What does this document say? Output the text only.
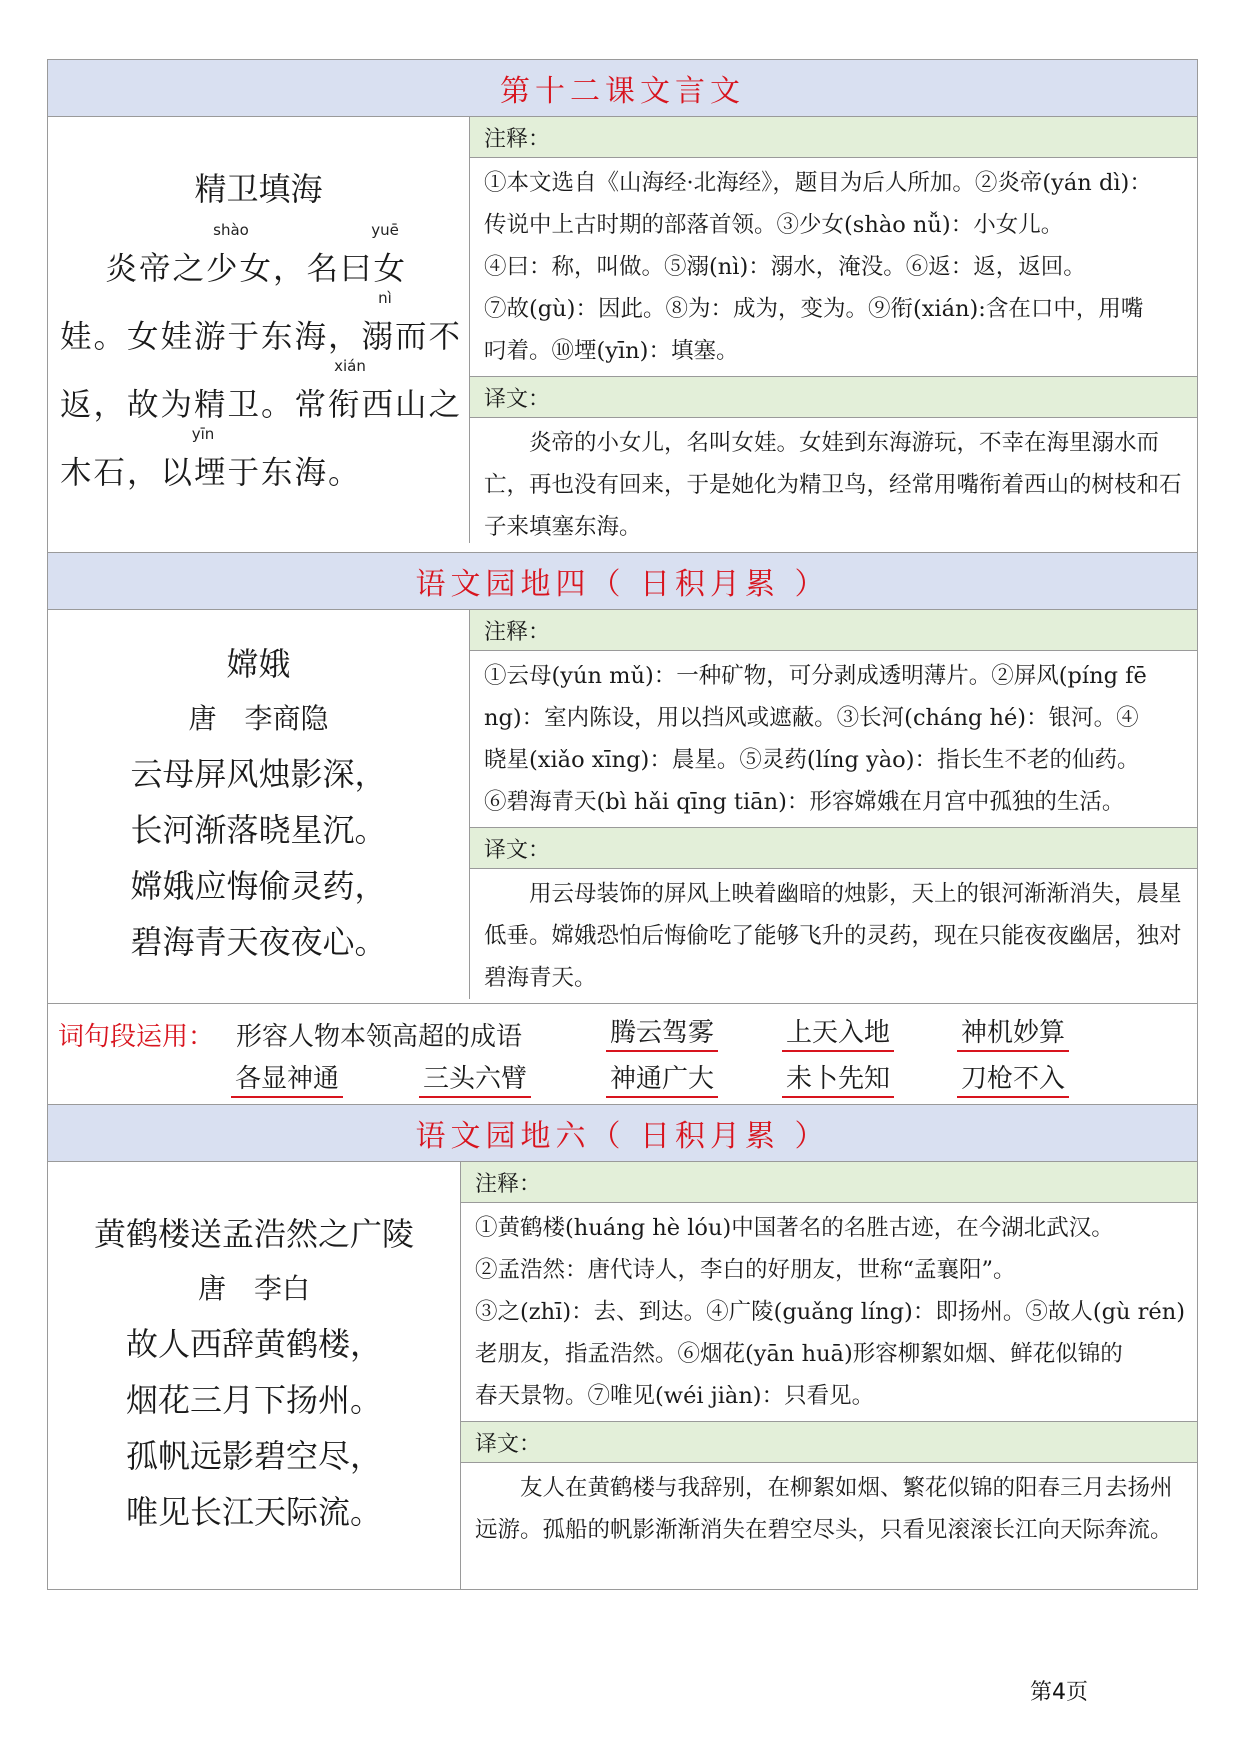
第十二课文言文
精卫填海
shào	yuē
　 炎帝之少女，名曰女
nì
娃。女娃游于东海，溺而不
xián
返，故为精卫。常衔西山之
yīn
木石，以堙于东海。
注释：
①本文选自《山海经·北海经》，题目为后人所加。②炎帝(yán dì)：
传说中上古时期的部落首领。③少女(shào nǚ)：小女儿。
④曰：称，叫做。⑤溺(nì)：溺水，淹没。⑥返：返，返回。
⑦故(gù)：因此。⑧为：成为，变为。⑨衔(xián):含在口中，用嘴
叼着。⑩堙(yīn)：填塞。
译文：
炎帝的小女儿，名叫女娃。女娃到东海游玩，不幸在海里溺水而亡，再也没有回来，于是她化为精卫鸟，经常用嘴衔着西山的树枝和石子来填塞东海。
语文园地四（ 日积月累 ）
嫦娥
唐　李商隐
云母屏风烛影深，
长河渐落晓星沉。
嫦娥应悔偷灵药，
碧海青天夜夜心。
注释：
①云母(yún mǔ)：一种矿物，可分剥成透明薄片。②屏风(píng fē
ng)：室内陈设，用以挡风或遮蔽。③长河(cháng hé)：银河。④
晓星(xiǎo xīng)：晨星。⑤灵药(líng yào)：指长生不老的仙药。
⑥碧海青天(bì hǎi qīng tiān)：形容嫦娥在月宫中孤独的生活。
译文：
用云母装饰的屏风上映着幽暗的烛影，天上的银河渐渐消失，晨星低垂。嫦娥恐怕后悔偷吃了能够飞升的灵药，现在只能夜夜幽居，独对碧海青天。
词句段运用： 形容人物本领高超的成语	腾云驾雾	上天入地	神机妙算
各显神通	三头六臂	神通广大	未卜先知	刀枪不入
语文园地六（ 日积月累 ）
黄鹤楼送孟浩然之广陵
唐　李白
故人西辞黄鹤楼，
烟花三月下扬州。
孤帆远影碧空尽，
唯见长江天际流。
注释：
①黄鹤楼(huáng hè lóu)中国著名的名胜古迹，在今湖北武汉。
②孟浩然：唐代诗人，李白的好朋友，世称“孟襄阳”。
③之(zhī)：去、到达。④广陵(guǎng líng)：即扬州。⑤故人(gù rén)
老朋友，指孟浩然。⑥烟花(yān huā)形容柳絮如烟、鲜花似锦的
春天景物。⑦唯见(wéi jiàn)：只看见。
译文：
友人在黄鹤楼与我辞别，在柳絮如烟、繁花似锦的阳春三月去扬州远游。孤船的帆影渐渐消失在碧空尽头，只看见滚滚长江向天际奔流。
第4页
